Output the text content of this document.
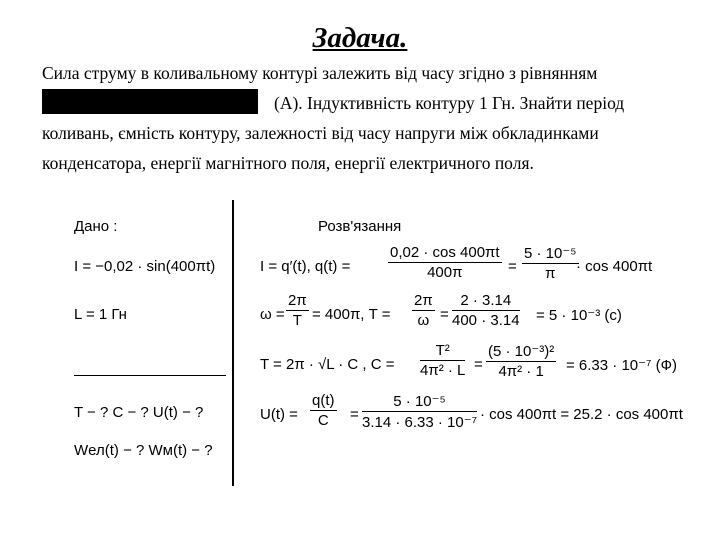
Задача.
Сила струму в коливальному контурі залежить від часу згідно з рівнянням
(А). Індуктивність контуру 1 Гн. Знайти період
коливань, ємність контуру, залежності від часу напруги між обкладинками
конденсатора, енергії магнітного поля, енергії електричного поля.
Дано :
I = −0,02 · sin(400πt)
L = 1 Гн
T − ? C − ? U(t) − ?
Wел(t) − ? Wм(t) − ?
Розв'язання
I = q′(t), q(t) =	$\frac{0,02 \cdot \cos 400\pi t}{400\pi} = \frac{\text{5 · 10⁻⁵}}{\pi}$
· cos 400πt
$\omega = \frac{2\pi}{T} = 400\pi$, $T = \frac{2\pi}{\omega} = \frac{2 \cdot 3.14}{400 \cdot 3.14} = 5 \cdot 10^{-3}$ (c)
T = 2π · √L · C , $C = \frac{\text{T²}}{\text{4π² · L}} = \frac{\text{(5 · 10⁻³)²}}{\text{4π² · 1}} = 6.33 \cdot 10^{-7}$ (Ф)
$U(t) = \frac{q(t)}{C} = \frac{\text{5 · 10⁻⁵}}{\text{3.14 · 6.33 · 10⁻⁷}} \cdot \cos 400\pi t = 25.2 \cdot \cos 400\pi t$
